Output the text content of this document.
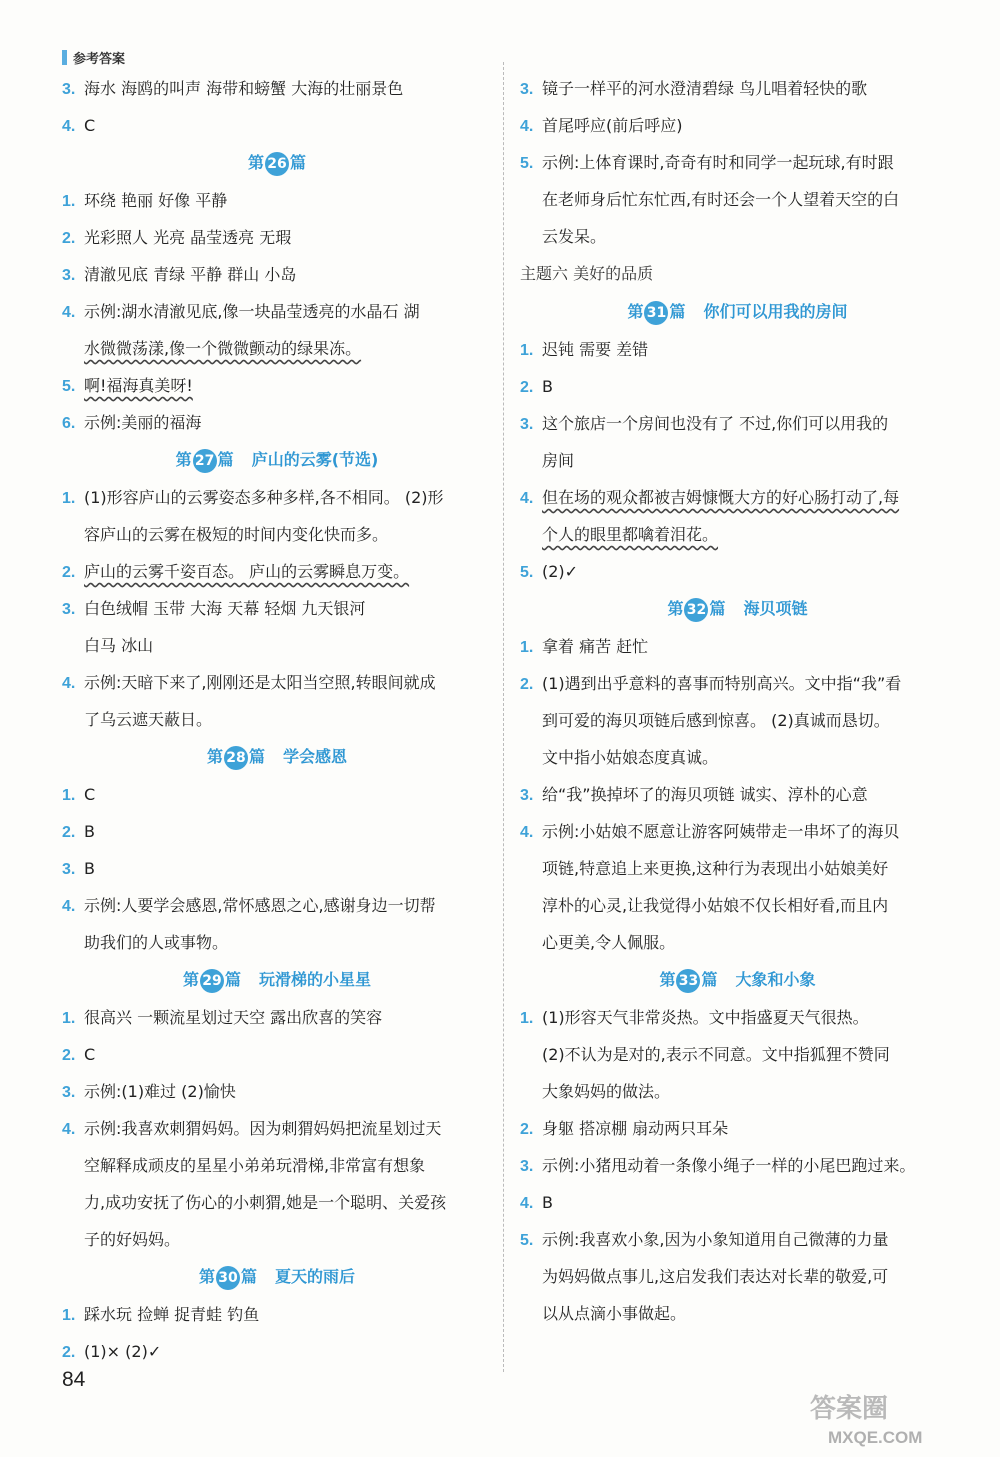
参考答案
3. 海水 海鸥的叫声 海带和螃蟹 大海的壮丽景色
4. C
第 26 篇
1. 环绕 艳丽 好像 平静
2. 光彩照人 光亮 晶莹透亮 无瑕
3. 清澈见底 青绿 平静 群山 小岛
4. 示例:湖水清澈见底,像一块晶莹透亮的水晶石 湖
水微微荡漾,像一个微微颤动的绿果冻。
5. 啊!福海真美呀!
6. 示例:美丽的福海
第 27 篇 庐山的云雾(节选)
1. (1)形容庐山的云雾姿态多种多样,各不相同。 (2)形
容庐山的云雾在极短的时间内变化快而多。
2. 庐山的云雾千姿百态。 庐山的云雾瞬息万变。
3. 白色绒帽 玉带 大海 天幕 轻烟 九天银河
白马 冰山
4. 示例:天暗下来了,刚刚还是太阳当空照,转眼间就成
了乌云遮天蔽日。
第 28 篇 学会感恩
1. C
2. B
3. B
4. 示例:人要学会感恩,常怀感恩之心,感谢身边一切帮
助我们的人或事物。
第 29 篇 玩滑梯的小星星
1. 很高兴 一颗流星划过天空 露出欣喜的笑容
2. C
3. 示例:(1)难过 (2)愉快
4. 示例:我喜欢刺猬妈妈。因为刺猬妈妈把流星划过天
空解释成顽皮的星星小弟弟玩滑梯,非常富有想象
力,成功安抚了伤心的小刺猬,她是一个聪明、关爱孩
子的好妈妈。
第 30 篇 夏天的雨后
1. 踩水玩 捡蝉 捉青蛙 钓鱼
2. (1)× (2)✓
3. 镜子一样平的河水澄清碧绿 鸟儿唱着轻快的歌
4. 首尾呼应(前后呼应)
5. 示例:上体育课时,奇奇有时和同学一起玩球,有时跟
在老师身后忙东忙西,有时还会一个人望着天空的白
云发呆。
主题六 美好的品质
第 31 篇 你们可以用我的房间
1. 迟钝 需要 差错
2. B
3. 这个旅店一个房间也没有了 不过,你们可以用我的
房间
4. 但在场的观众都被吉姆慷慨大方的好心肠打动了,每
个人的眼里都噙着泪花。
5. (2)✓
第 32 篇 海贝项链
1. 拿着 痛苦 赶忙
2. (1)遇到出乎意料的喜事而特别高兴。文中指“我”看
到可爱的海贝项链后感到惊喜。 (2)真诚而恳切。
文中指小姑娘态度真诚。
3. 给“我”换掉坏了的海贝项链 诚实、淳朴的心意
4. 示例:小姑娘不愿意让游客阿姨带走一串坏了的海贝
项链,特意追上来更换,这种行为表现出小姑娘美好
淳朴的心灵,让我觉得小姑娘不仅长相好看,而且内
心更美,令人佩服。
第 33 篇 大象和小象
1. (1)形容天气非常炎热。文中指盛夏天气很热。
(2)不认为是对的,表示不同意。文中指狐狸不赞同
大象妈妈的做法。
2. 身躯 搭凉棚 扇动两只耳朵
3. 示例:小猪甩动着一条像小绳子一样的小尾巴跑过来。
4. B
5. 示例:我喜欢小象,因为小象知道用自己微薄的力量
为妈妈做点事儿,这启发我们表达对长辈的敬爱,可
以从点滴小事做起。
84
答案圈
MXQE.COM
